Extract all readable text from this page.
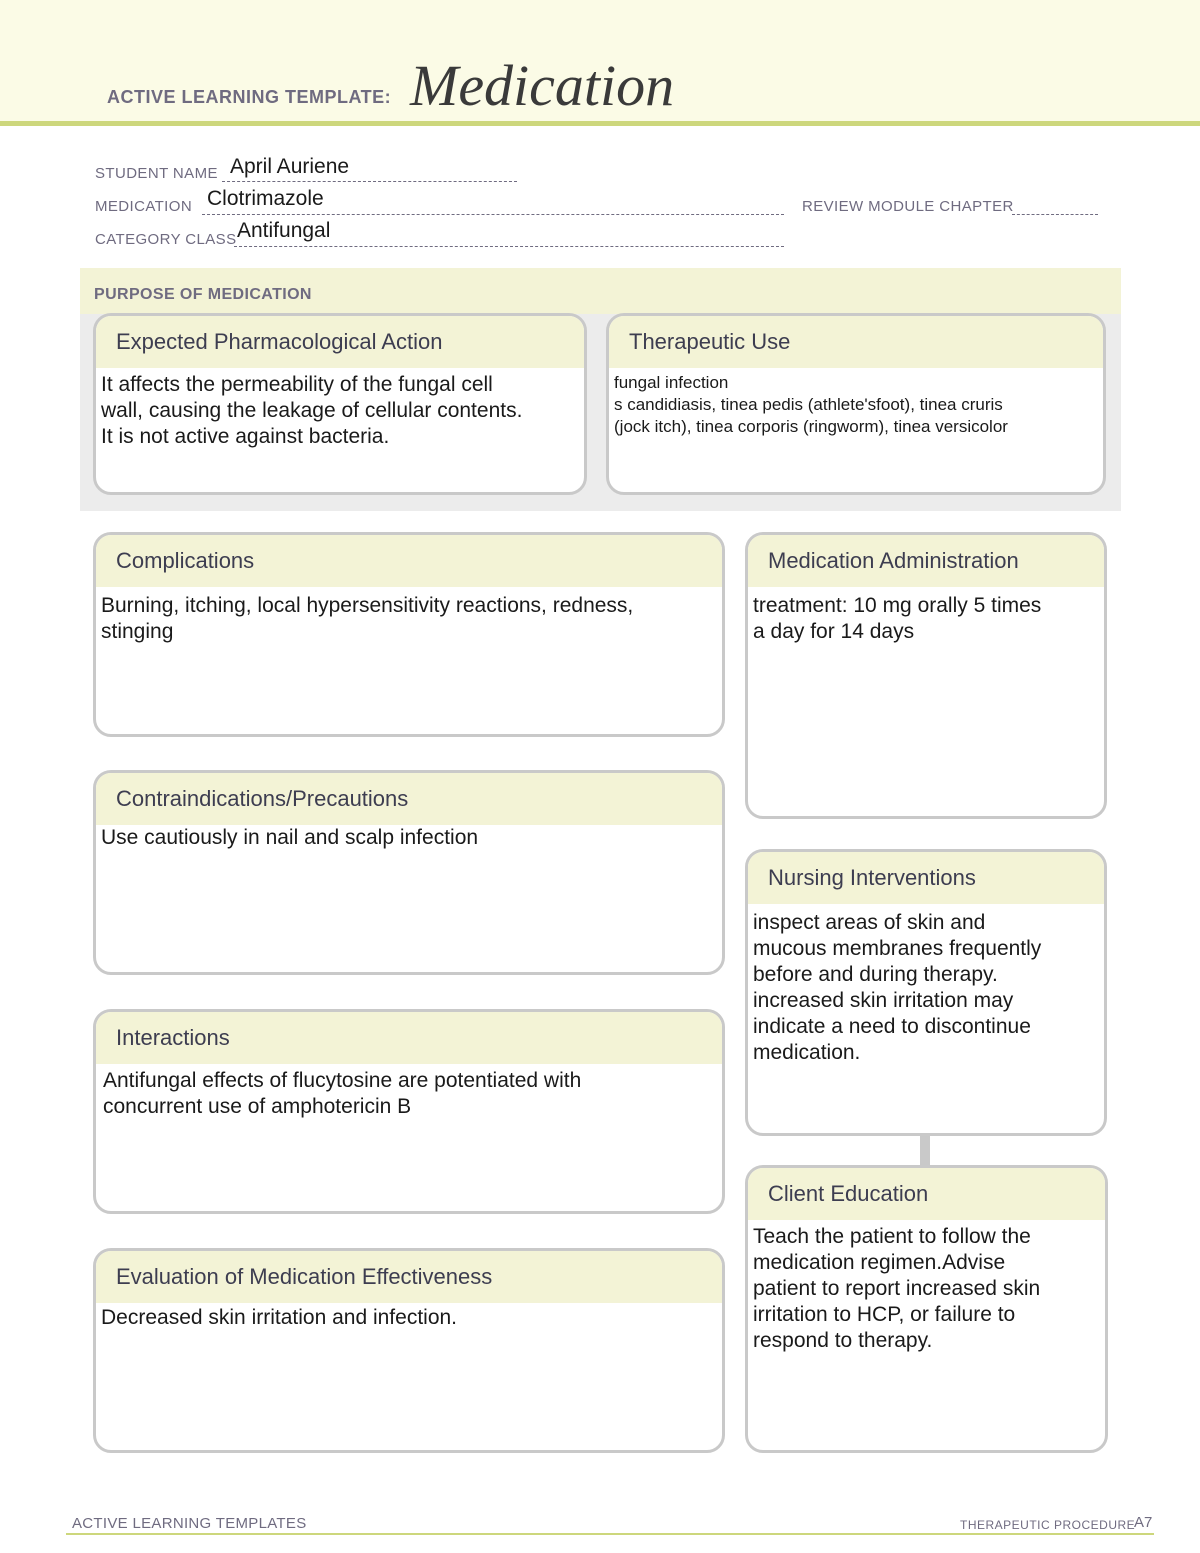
ACTIVE LEARNING TEMPLATE: Medication
STUDENT NAME April Auriene
MEDICATION Clotrimazole	REVIEW MODULE CHAPTER
CATEGORY CLASS Antifungal
PURPOSE OF MEDICATION
Expected Pharmacological Action
It affects the permeability of the fungal cell
wall, causing the leakage of cellular contents.
It is not active against bacteria.
Therapeutic Use
fungal infection
s candidiasis, tinea pedis (athlete'sfoot), tinea cruris
(jock itch), tinea corporis (ringworm), tinea versicolor
Complications
Burning, itching, local hypersensitivity reactions, redness,
stinging
Contraindications/Precautions
Use cautiously in nail and scalp infection
Interactions
Antifungal effects of flucytosine are potentiated with
concurrent use of amphotericin B
Evaluation of Medication Effectiveness
Decreased skin irritation and infection.
Medication Administration
treatment: 10 mg orally 5 times
a day for 14 days
Nursing Interventions
inspect areas of skin and
mucous membranes frequently
before and during therapy.
increased skin irritation may
indicate a need to discontinue
medication.
Client Education
Teach the patient to follow the
medication regimen.Advise
patient to report increased skin
irritation to HCP, or failure to
respond to therapy.
ACTIVE LEARNING TEMPLATES	THERAPEUTIC PROCEDURE
A7
